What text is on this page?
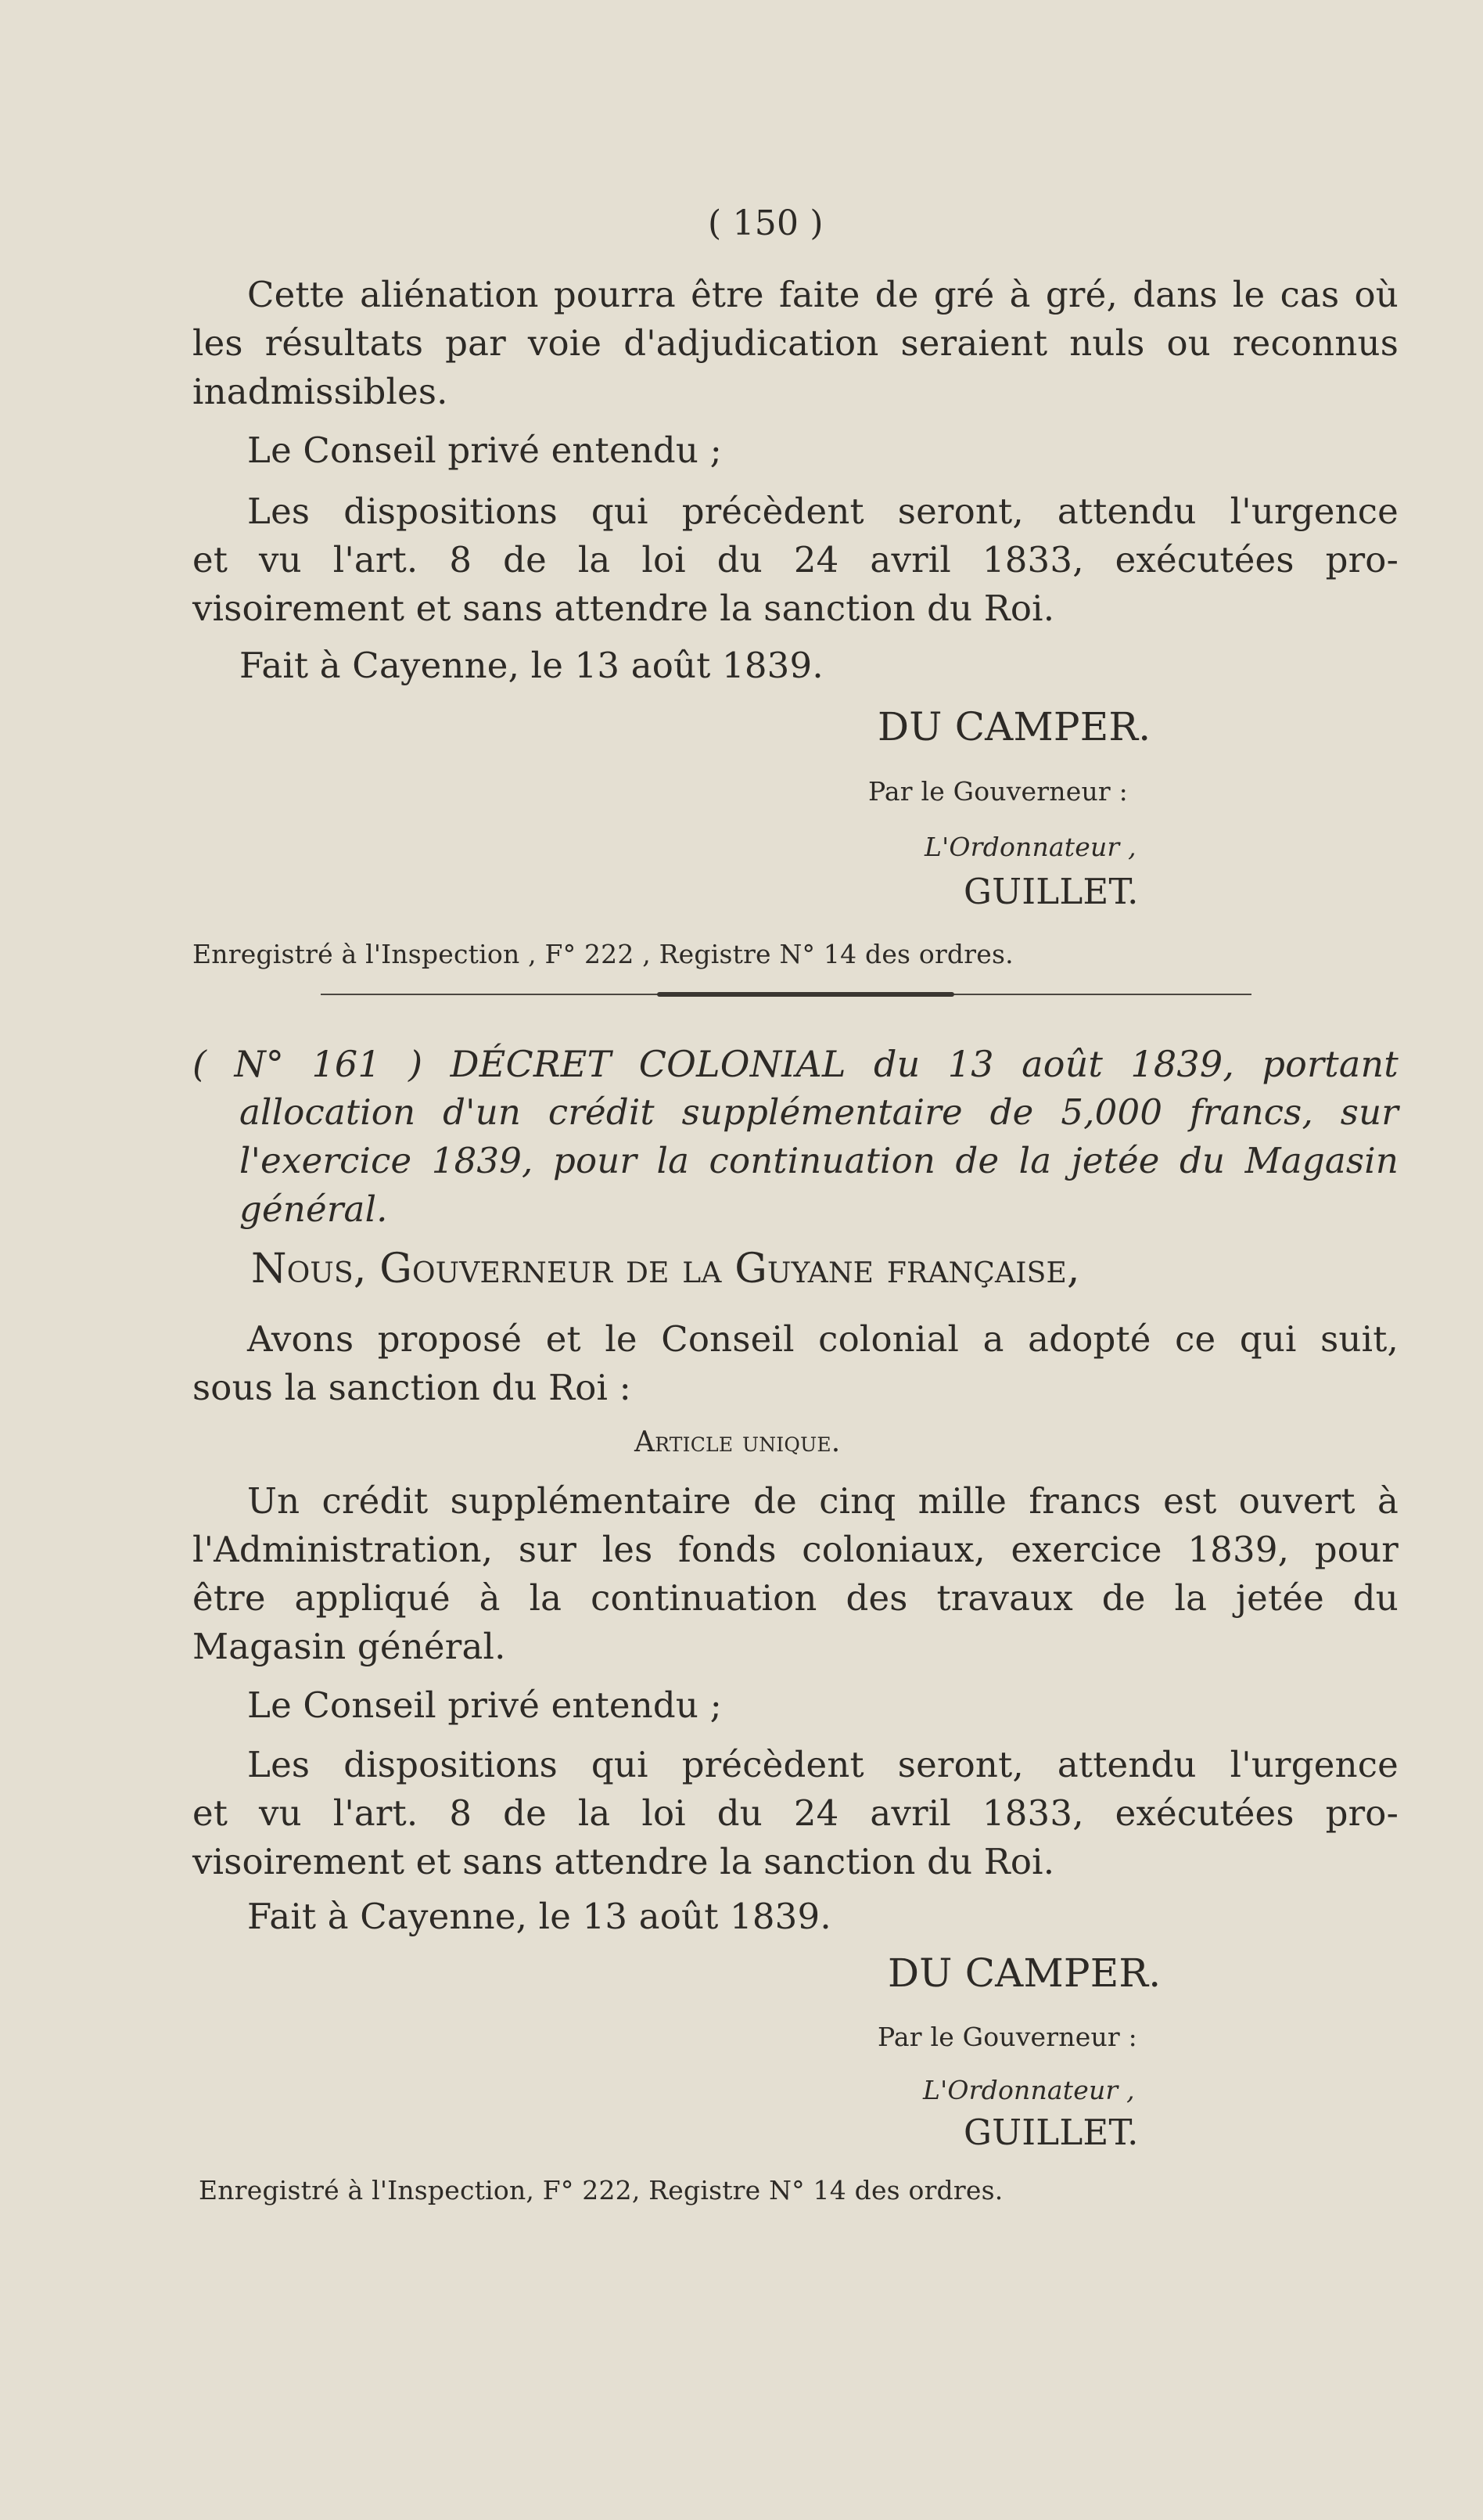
( 150 )
Cette aliénation pourra être faite de gré à gré, dans le cas où
les résultats par voie d'adjudication seraient nuls ou reconnus
inadmissibles.
Le Conseil privé entendu ;
Les dispositions qui précèdent seront, attendu l'urgence
et vu l'art. 8 de la loi du 24 avril 1833, exécutées pro-
visoirement et sans attendre la sanction du Roi.
Fait à Cayenne, le 13 août 1839.
DU CAMPER.
Par le Gouverneur :
L'Ordonnateur ,
GUILLET.
Enregistré à l'Inspection , F° 222 , Registre N° 14 des ordres.
( N° 161 ) DÉCRET COLONIAL du 13 août 1839, portant
allocation d'un crédit supplémentaire de 5,000 francs, sur
l'exercice 1839, pour la continuation de la jetée du Magasin
général.
Nous, Gouverneur de la Guyane française,
Avons proposé et le Conseil colonial a adopté ce qui suit,
sous la sanction du Roi :
Article unique.
Un crédit supplémentaire de cinq mille francs est ouvert à
l'Administration, sur les fonds coloniaux, exercice 1839, pour
être appliqué à la continuation des travaux de la jetée du
Magasin général.
Le Conseil privé entendu ;
Les dispositions qui précèdent seront, attendu l'urgence
et vu l'art. 8 de la loi du 24 avril 1833, exécutées pro-
visoirement et sans attendre la sanction du Roi.
Fait à Cayenne, le 13 août 1839.
DU CAMPER.
Par le Gouverneur :
L'Ordonnateur ,
GUILLET.
Enregistré à l'Inspection, F° 222, Registre N° 14 des ordres.
